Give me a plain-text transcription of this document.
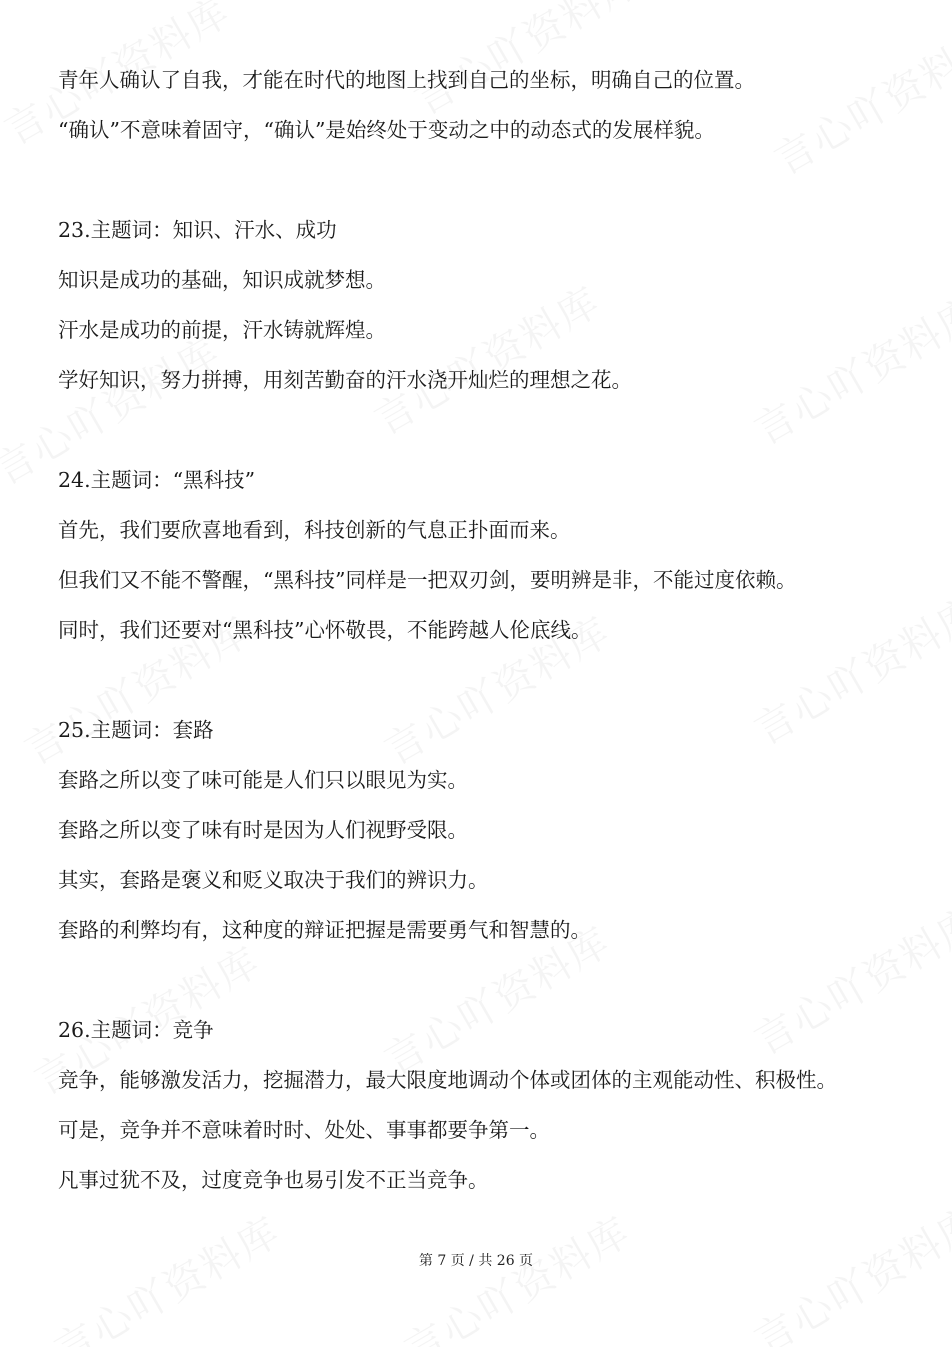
青年人确认了自我，才能在时代的地图上找到自己的坐标，明确自己的位置。
“确认”不意味着固守，“确认”是始终处于变动之中的动态式的发展样貌。
23.主题词：知识、汗水、成功
知识是成功的基础，知识成就梦想。
汗水是成功的前提，汗水铸就辉煌。
学好知识，努力拼搏，用刻苦勤奋的汗水浇开灿烂的理想之花。
24.主题词：“黑科技”
首先，我们要欣喜地看到，科技创新的气息正扑面而来。
但我们又不能不警醒，“黑科技”同样是一把双刃剑，要明辨是非，不能过度依赖。
同时，我们还要对“黑科技”心怀敬畏，不能跨越人伦底线。
25.主题词：套路
套路之所以变了味可能是人们只以眼见为实。
套路之所以变了味有时是因为人们视野受限。
其实，套路是褒义和贬义取决于我们的辨识力。
套路的利弊均有，这种度的辩证把握是需要勇气和智慧的。
26.主题词：竞争
竞争，能够激发活力，挖掘潜力，最大限度地调动个体或团体的主观能动性、积极性。
可是，竞争并不意味着时时、处处、事事都要争第一。
凡事过犹不及，过度竞争也易引发不正当竞争。
第 7 页 / 共 26 页
